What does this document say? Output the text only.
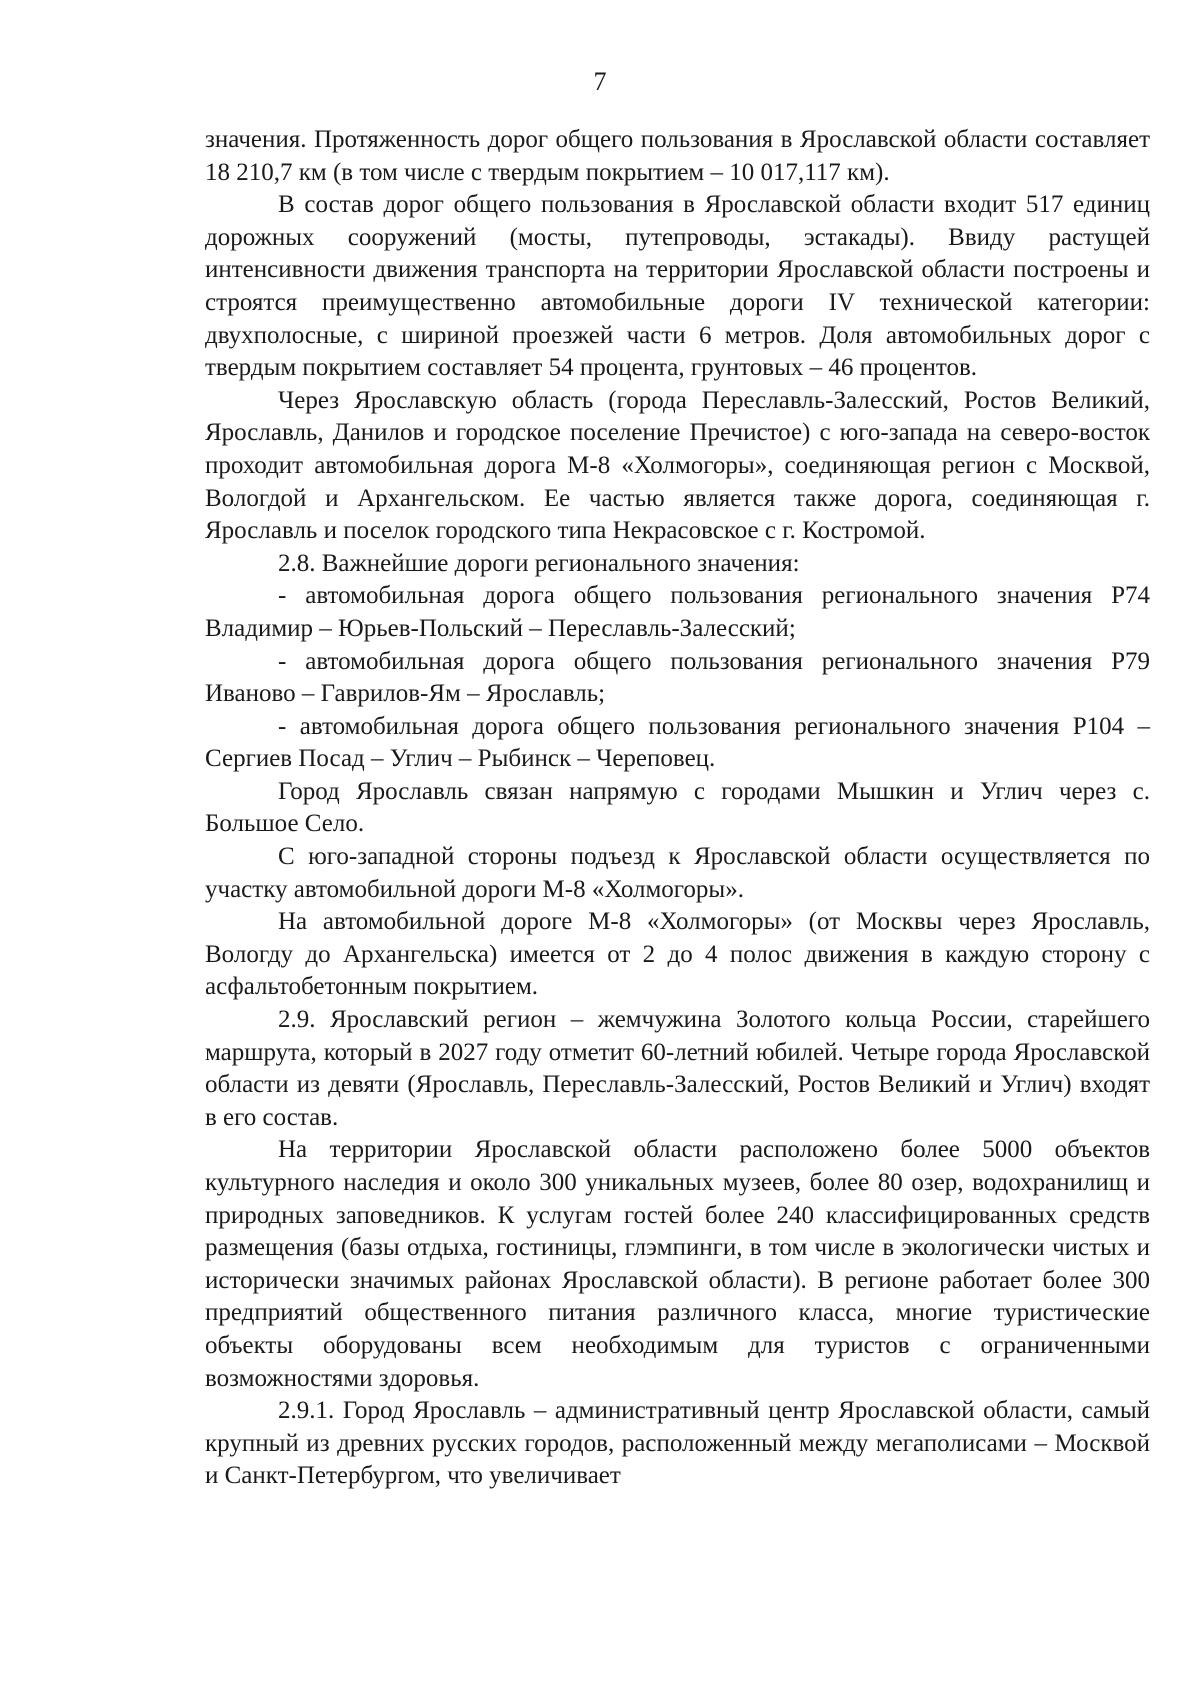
7

значения. Протяженность дорог общего пользования в Ярославской области составляет 18 210,7 км (в том числе с твердым покрытием – 10 017,117 км).

В состав дорог общего пользования в Ярославской области входит 517 единиц дорожных сооружений (мосты, путепроводы, эстакады). Ввиду растущей интенсивности движения транспорта на территории Ярославской области построены и строятся преимущественно автомобильные дороги IV технической категории: двухполосные, с шириной проезжей части 6 метров. Доля автомобильных дорог с твердым покрытием составляет 54 процента, грунтовых – 46 процентов.

Через Ярославскую область (города Переславль-Залесский, Ростов Великий, Ярославль, Данилов и городское поселение Пречистое) с юго-запада на северо-восток проходит автомобильная дорога М-8 «Холмогоры», соединяющая регион с Москвой, Вологдой и Архангельском. Ее частью является также дорога, соединяющая г. Ярославль и поселок городского типа Некрасовское с г. Костромой.

2.8. Важнейшие дороги регионального значения:

- автомобильная дорога общего пользования регионального значения Р74 Владимир – Юрьев-Польский – Переславль-Залесский;

- автомобильная дорога общего пользования регионального значения Р79 Иваново – Гаврилов-Ям – Ярославль;

- автомобильная дорога общего пользования регионального значения Р104 – Сергиев Посад – Углич – Рыбинск – Череповец.

Город Ярославль связан напрямую с городами Мышкин и Углич через с. Большое Село.

С юго-западной стороны подъезд к Ярославской области осуществляется по участку автомобильной дороги М-8 «Холмогоры».

На автомобильной дороге М-8 «Холмогоры» (от Москвы через Ярославль, Вологду до Архангельска) имеется от 2 до 4 полос движения в каждую сторону с асфальтобетонным покрытием.

2.9. Ярославский регион – жемчужина Золотого кольца России, старейшего маршрута, который в 2027 году отметит 60-летний юбилей. Четыре города Ярославской области из девяти (Ярославль, Переславль-Залесский, Ростов Великий и Углич) входят в его состав.

На территории Ярославской области расположено более 5000 объектов культурного наследия и около 300 уникальных музеев, более 80 озер, водохранилищ и природных заповедников. К услугам гостей более 240 классифицированных средств размещения (базы отдыха, гостиницы, глэмпинги, в том числе в экологически чистых и исторически значимых районах Ярославской области). В регионе работает более 300 предприятий общественного питания различного класса, многие туристические объекты оборудованы всем необходимым для туристов с ограниченными возможностями здоровья.

2.9.1. Город Ярославль – административный центр Ярославской области, самый крупный из древних русских городов, расположенный между мегаполисами – Москвой и Санкт-Петербургом, что увеличивает
